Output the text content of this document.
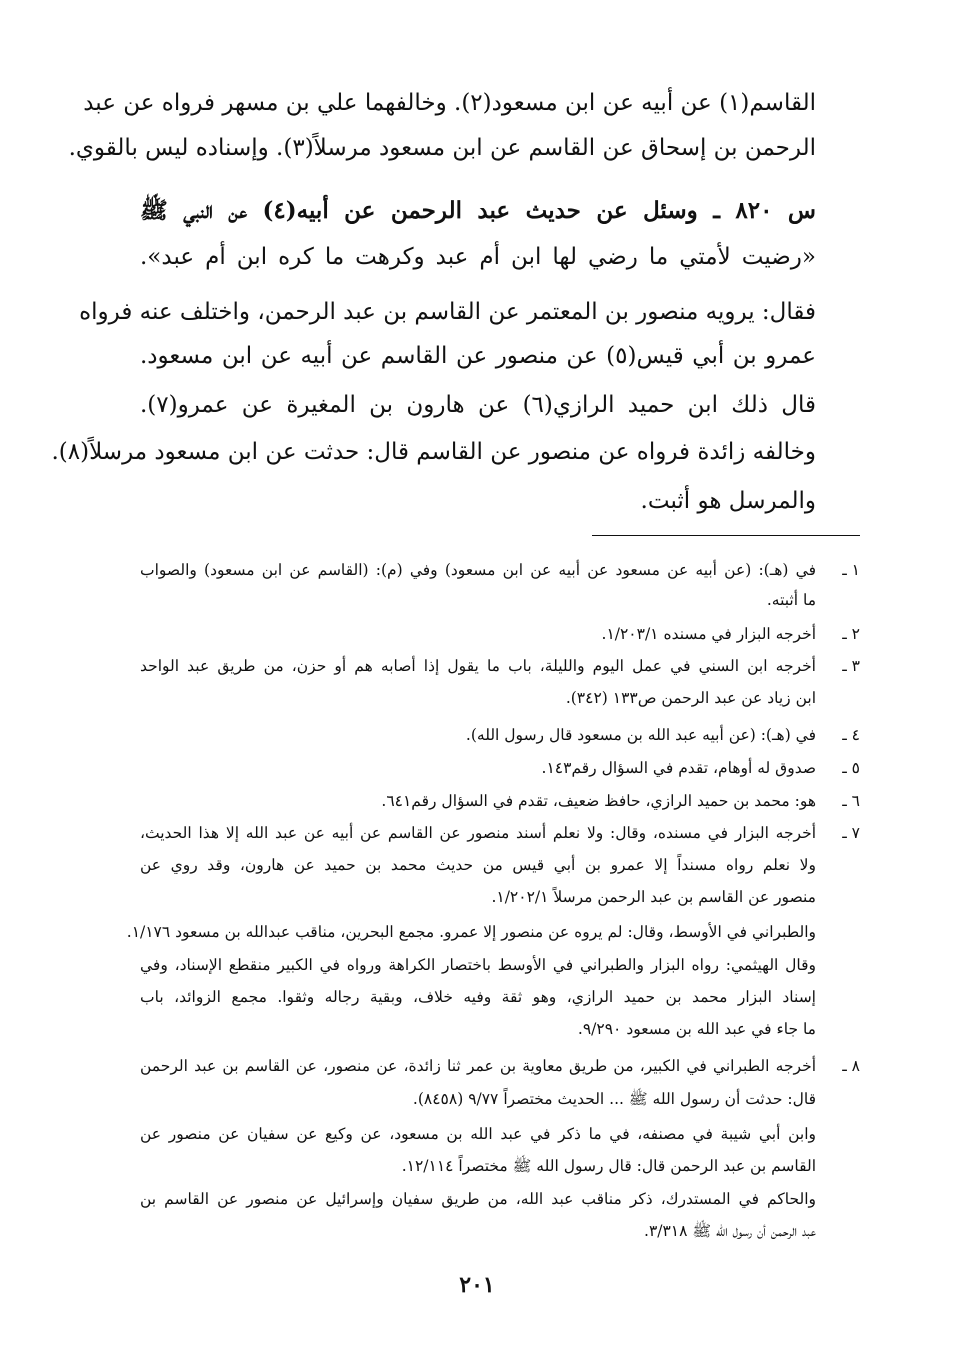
القاسم(١) عن أبيه عن ابن مسعود(٢). وخالفهما علي بن مسهر فرواه عن عبد
الرحمن بن إسحاق عن القاسم عن ابن مسعود مرسلاً(٣). وإسناده ليس بالقوي.
س ٨٢٠ ـ وسئل عن حديث عبد الرحمن عن أبيه(٤) عن النبي ﷺ
«رضيت لأمتي ما رضي لها ابن أم عبد وكرهت ما كره ابن أم عبد».
فقال: يرويه منصور بن المعتمر عن القاسم بن عبد الرحمن، واختلف عنه فرواه
عمرو بن أبي قيس(٥) عن منصور عن القاسم عن أبيه عن ابن مسعود.
قال ذلك ابن حميد الرازي(٦) عن هارون بن المغيرة عن عمرو(٧).
وخالفه زائدة فرواه عن منصور عن القاسم قال: حدثت عن ابن مسعود مرسلاً(٨).
والمرسل هو أثبت.
١ ـ
في (هـ): (عن أبيه عن مسعود عن أبيه عن ابن مسعود) وفي (م): (القاسم عن ابن مسعود) والصواب
ما أثبته.
٢ ـ
أخرجه البزار في مسنده ١/٢٠٣/١.
٣ ـ
أخرجه ابن السني في عمل اليوم والليلة، باب ما يقول إذا أصابه هم أو حزن، من طريق عبد الواحد
ابن زياد عن عبد الرحمن ص١٣٣ (٣٤٢).
٤ ـ
في (هـ): (عن أبيه عبد الله بن مسعود قال رسول الله).
٥ ـ
صدوق له أوهام، تقدم في السؤال رقم١٤٣.
٦ ـ
هو: محمد بن حميد الرازي، حافظ ضعيف، تقدم في السؤال رقم٦٤١.
٧ ـ
أخرجه البزار في مسنده، وقال: ولا نعلم أسند منصور عن القاسم عن أبيه عن عبد الله إلا هذا الحديث،
ولا نعلم رواه مسنداً إلا عمرو بن أبي قيس من حديث محمد بن حميد عن هارون، وقد روي عن
منصور عن القاسم بن عبد الرحمن مرسلاً ١/٢٠٢/١.
والطبراني في الأوسط، وقال: لم يروه عن منصور إلا عمرو. مجمع البحرين، مناقب عبدالله بن مسعود ١/١٧٦.
وقال الهيثمي: رواه البزار والطبراني في الأوسط باختصار الكراهة ورواه في الكبير منقطع الإسناد، وفي
إسناد البزار محمد بن حميد الرازي، وهو ثقة وفيه خلاف، وبقية رجاله وثقوا. مجمع الزوائد، باب
ما جاء في عبد الله بن مسعود ٩/٢٩٠.
٨ ـ
أخرجه الطبراني في الكبير، من طريق معاوية بن عمر ثنا زائدة، عن منصور، عن القاسم بن عبد الرحمن
قال: حدثت أن رسول الله ﷺ ... الحديث مختصراً ٩/٧٧ (٨٤٥٨).
وابن أبي شيبة في مصنفه، في ما ذكر في عبد الله بن مسعود، عن وكيع عن سفيان عن منصور عن
القاسم بن عبد الرحمن قال: قال رسول الله ﷺ مختصراً ١٢/١١٤.
والحاكم في المستدرك، ذكر مناقب عبد الله، من طريق سفيان وإسرائيل عن منصور عن القاسم بن
عبد الرحمن أن رسول الله ﷺ ٣/٣١٨.
٢٠١
